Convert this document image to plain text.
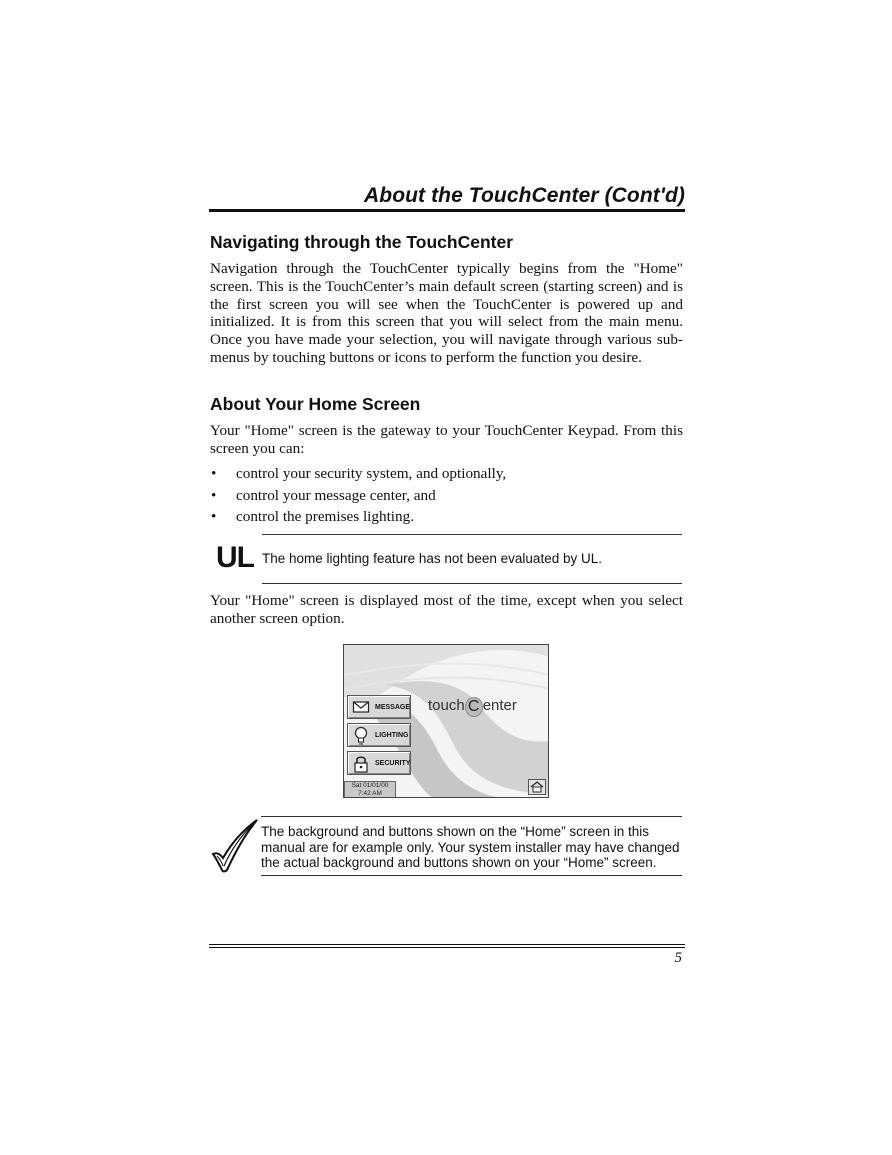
About the TouchCenter (Cont'd)
Navigating through the TouchCenter

Navigation through the TouchCenter typically begins from the "Home" screen. This is the TouchCenter’s main default screen (starting screen) and is the first screen you will see when the TouchCenter is powered up and initialized. It is from this screen that you will select from the main menu. Once you have made your selection, you will navigate through various sub-menus by touching buttons or icons to perform the function you desire.

About Your Home Screen

Your "Home" screen is the gateway to your TouchCenter Keypad. From this screen you can:

• control your security system, and optionally,
• control your message center, and
• control the premises lighting.
UL The home lighting feature has not been evaluated by UL.

Your "Home" screen is displayed most of the time, except when you select another screen option.

touch C enter
MESSAGE
LIGHTING
SECURITY
Sat 01/01/00
7:42 AM
The background and buttons shown on the “Home” screen in this manual are for example only. Your system installer may have changed the actual background and buttons shown on your “Home” screen.
5
